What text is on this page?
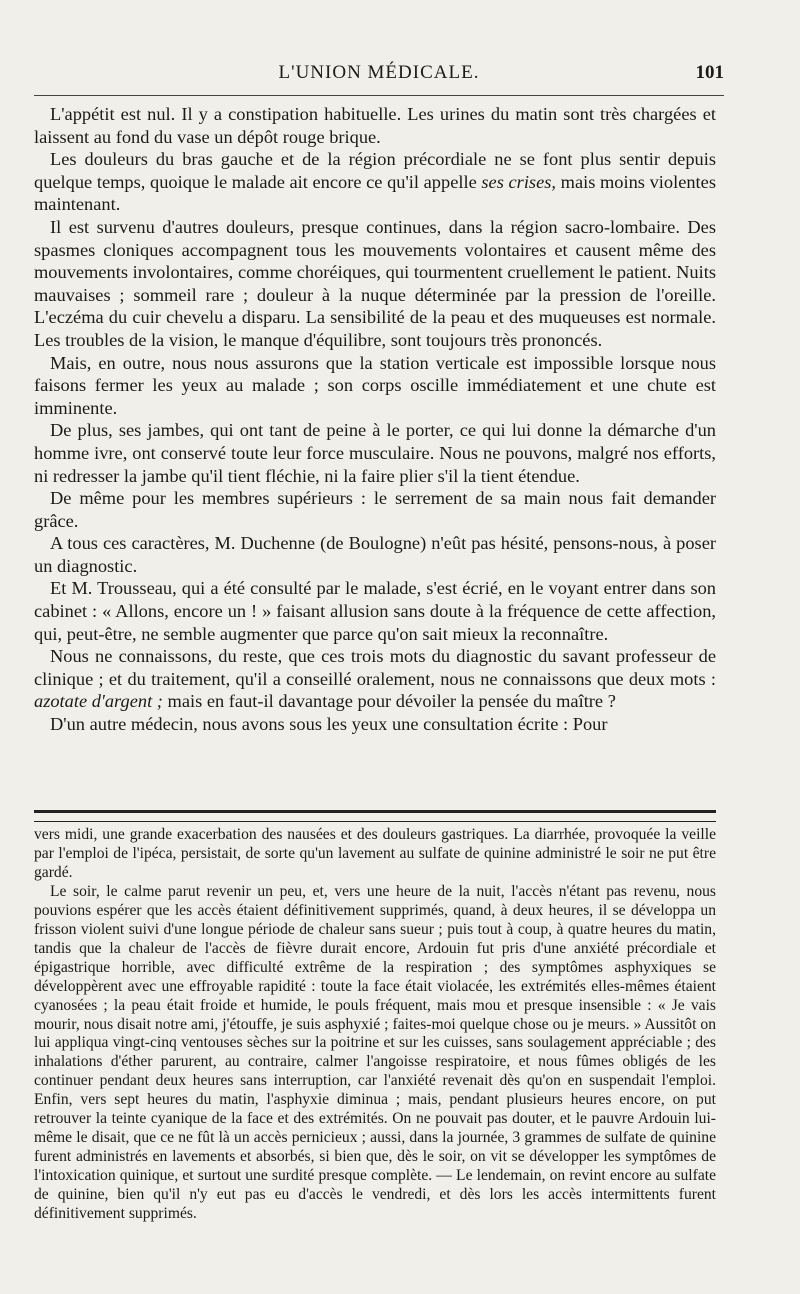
L'UNION MÉDICALE.	101

L'appétit est nul. Il y a constipation habituelle. Les urines du matin sont très chargées et laissent au fond du vase un dépôt rouge brique.

Les douleurs du bras gauche et de la région précordiale ne se font plus sentir depuis quelque temps, quoique le malade ait encore ce qu'il appelle ses crises, mais moins violentes maintenant.

Il est survenu d'autres douleurs, presque continues, dans la région sacro-lombaire. Des spasmes cloniques accompagnent tous les mouvements volontaires et causent même des mouvements involontaires, comme choréiques, qui tourmentent cruellement le patient. Nuits mauvaises ; sommeil rare ; douleur à la nuque déterminée par la pression de l'oreille. L'eczéma du cuir chevelu a disparu. La sensibilité de la peau et des muqueuses est normale. Les troubles de la vision, le manque d'équilibre, sont toujours très prononcés.

Mais, en outre, nous nous assurons que la station verticale est impossible lorsque nous faisons fermer les yeux au malade ; son corps oscille immédiatement et une chute est imminente.

De plus, ses jambes, qui ont tant de peine à le porter, ce qui lui donne la démarche d'un homme ivre, ont conservé toute leur force musculaire. Nous ne pouvons, malgré nos efforts, ni redresser la jambe qu'il tient fléchie, ni la faire plier s'il la tient étendue.

De même pour les membres supérieurs : le serrement de sa main nous fait demander grâce.

A tous ces caractères, M. Duchenne (de Boulogne) n'eût pas hésité, pensons-nous, à poser un diagnostic.

Et M. Trousseau, qui a été consulté par le malade, s'est écrié, en le voyant entrer dans son cabinet : « Allons, encore un ! » faisant allusion sans doute à la fréquence de cette affection, qui, peut-être, ne semble augmenter que parce qu'on sait mieux la reconnaître.

Nous ne connaissons, du reste, que ces trois mots du diagnostic du savant professeur de clinique ; et du traitement, qu'il a conseillé oralement, nous ne connaissons que deux mots : azotate d'argent ; mais en faut-il davantage pour dévoiler la pensée du maître ?

D'un autre médecin, nous avons sous les yeux une consultation écrite : Pour

vers midi, une grande exacerbation des nausées et des douleurs gastriques. La diarrhée, provoquée la veille par l'emploi de l'ipéca, persistait, de sorte qu'un lavement au sulfate de quinine administré le soir ne put être gardé.

Le soir, le calme parut revenir un peu, et, vers une heure de la nuit, l'accès n'étant pas revenu, nous pouvions espérer que les accès étaient définitivement supprimés, quand, à deux heures, il se développa un frisson violent suivi d'une longue période de chaleur sans sueur ; puis tout à coup, à quatre heures du matin, tandis que la chaleur de l'accès de fièvre durait encore, Ardouin fut pris d'une anxiété précordiale et épigastrique horrible, avec difficulté extrême de la respiration ; des symptômes asphyxiques se développèrent avec une effroyable rapidité : toute la face était violacée, les extrémités elles-mêmes étaient cyanosées ; la peau était froide et humide, le pouls fréquent, mais mou et presque insensible : « Je vais mourir, nous disait notre ami, j'étouffe, je suis asphyxié ; faites-moi quelque chose ou je meurs. » Aussitôt on lui appliqua vingt-cinq ventouses sèches sur la poitrine et sur les cuisses, sans soulagement appréciable ; des inhalations d'éther parurent, au contraire, calmer l'angoisse respiratoire, et nous fûmes obligés de les continuer pendant deux heures sans interruption, car l'anxiété revenait dès qu'on en suspendait l'emploi. Enfin, vers sept heures du matin, l'asphyxie diminua ; mais, pendant plusieurs heures encore, on put retrouver la teinte cyanique de la face et des extrémités. On ne pouvait pas douter, et le pauvre Ardouin lui-même le disait, que ce ne fût là un accès pernicieux ; aussi, dans la journée, 3 grammes de sulfate de quinine furent administrés en lavements et absorbés, si bien que, dès le soir, on vit se développer les symptômes de l'intoxication quinique, et surtout une surdité presque complète. — Le lendemain, on revint encore au sulfate de quinine, bien qu'il n'y eut pas eu d'accès le vendredi, et dès lors les accès intermittents furent définitivement supprimés.
